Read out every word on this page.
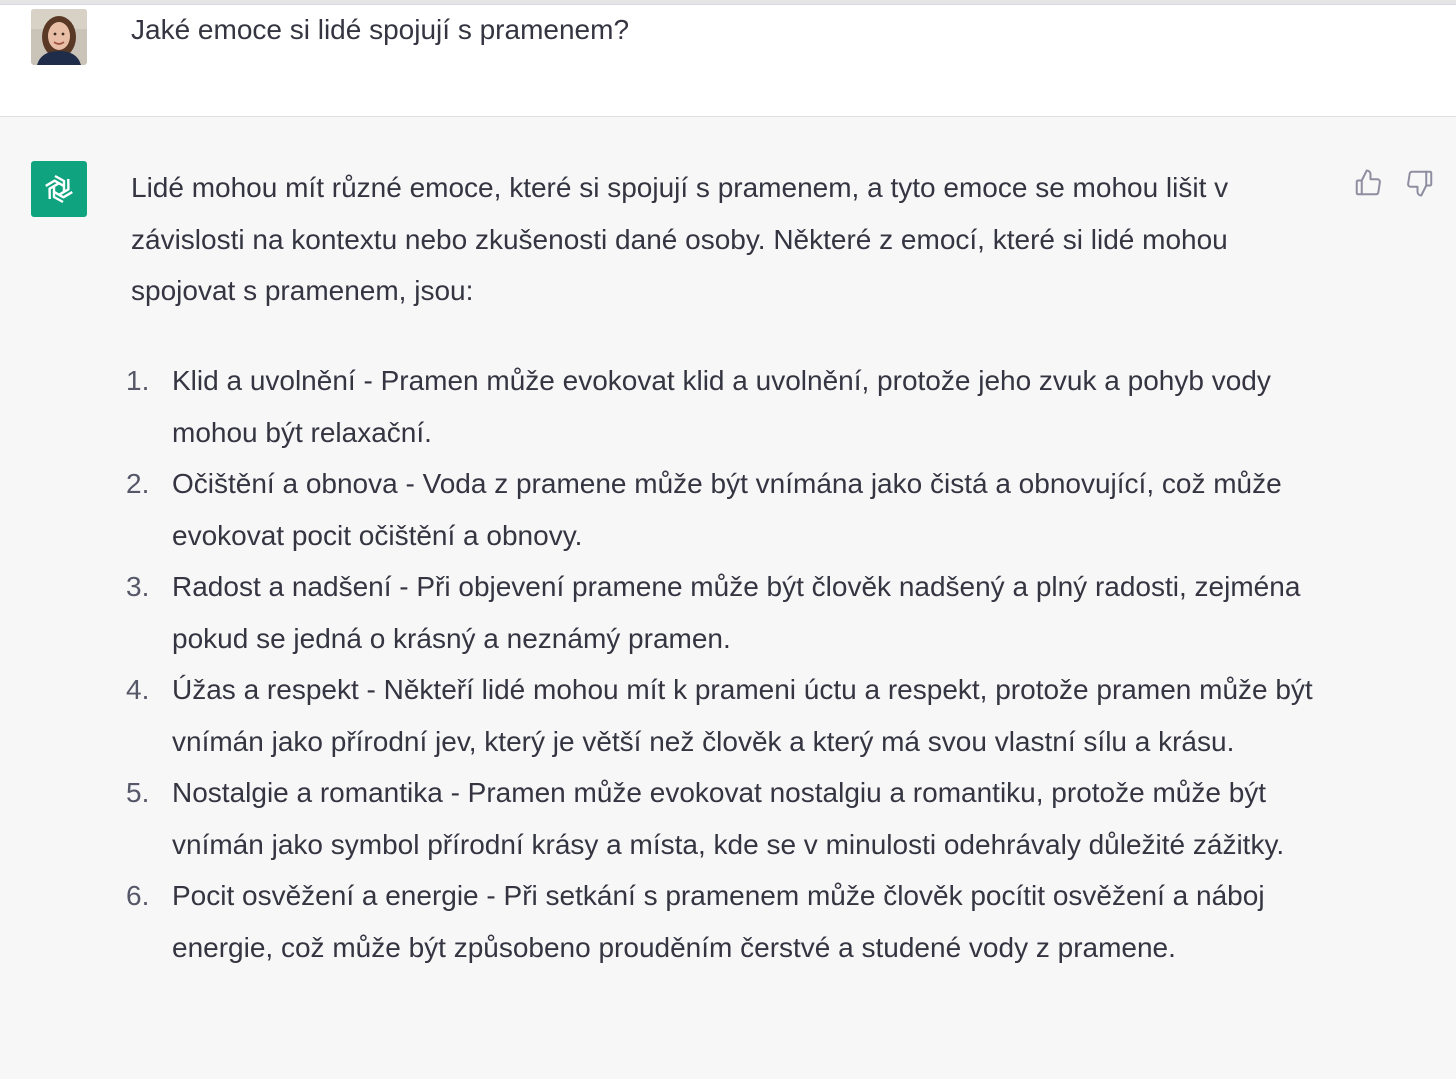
Jaké emoce si lidé spojují s pramenem?

Lidé mohou mít různé emoce, které si spojují s pramenem, a tyto emoce se mohou lišit v závislosti na kontextu nebo zkušenosti dané osoby. Některé z emocí, které si lidé mohou spojovat s pramenem, jsou:

1. Klid a uvolnění - Pramen může evokovat klid a uvolnění, protože jeho zvuk a pohyb vody mohou být relaxační.
2. Očištění a obnova - Voda z pramene může být vnímána jako čistá a obnovující, což může evokovat pocit očištění a obnovy.
3. Radost a nadšení - Při objevení pramene může být člověk nadšený a plný radosti, zejména pokud se jedná o krásný a neznámý pramen.
4. Úžas a respekt - Někteří lidé mohou mít k prameni úctu a respekt, protože pramen může být vnímán jako přírodní jev, který je větší než člověk a který má svou vlastní sílu a krásu.
5. Nostalgie a romantika - Pramen může evokovat nostalgiu a romantiku, protože může být vnímán jako symbol přírodní krásy a místa, kde se v minulosti odehrávaly důležité zážitky.
6. Pocit osvěžení a energie - Při setkání s pramenem může člověk pocítit osvěžení a náboj energie, což může být způsobeno prouděním čerstvé a studené vody z pramene.
